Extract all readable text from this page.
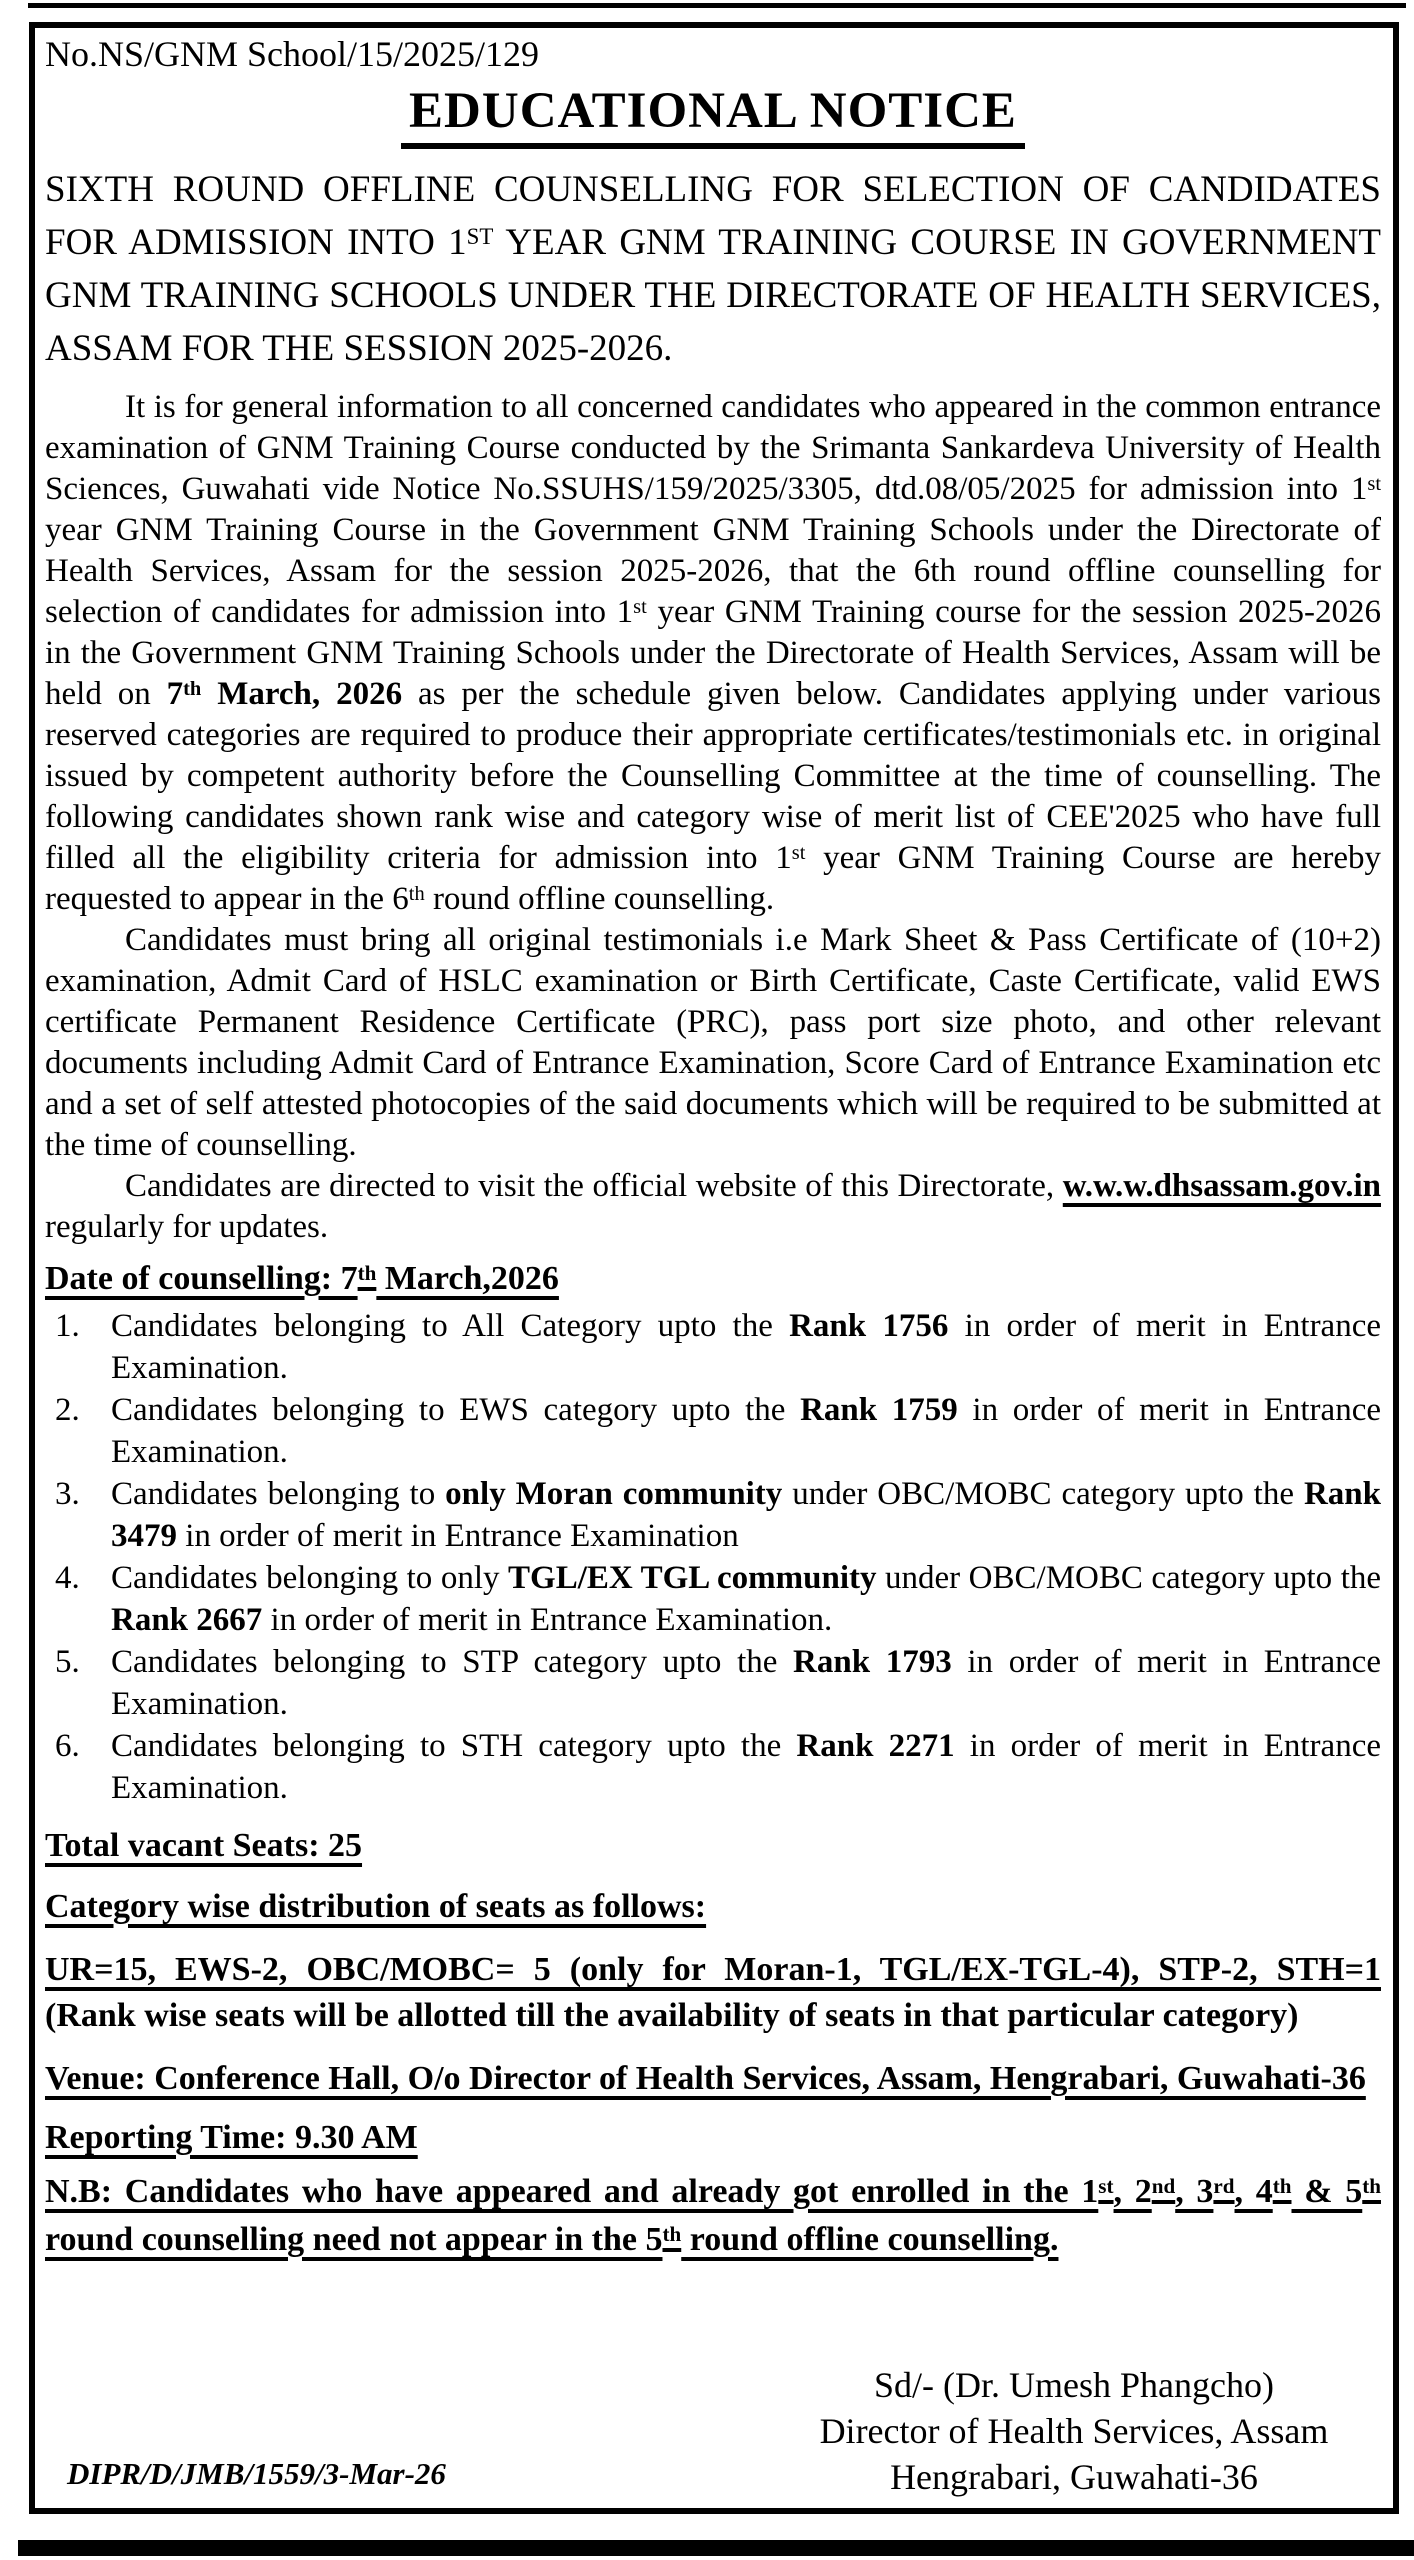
No.NS/GNM School/15/2025/129
EDUCATIONAL NOTICE
SIXTH ROUND OFFLINE COUNSELLING FOR SELECTION OF CANDIDATES FOR ADMISSION INTO 1ST YEAR GNM TRAINING COURSE IN GOVERNMENT GNM TRAINING SCHOOLS UNDER THE DIRECTORATE OF HEALTH SERVICES, ASSAM FOR THE SESSION 2025-2026.

It is for general information to all concerned candidates who appeared in the common entrance examination of GNM Training Course conducted by the Srimanta Sankardeva University of Health Sciences, Guwahati vide Notice No.SSUHS/159/2025/3305, dtd.08/05/2025 for admission into 1st year GNM Training Course in the Government GNM Training Schools under the Directorate of Health Services, Assam for the session 2025-2026, that the 6th round offline counselling for selection of candidates for admission into 1st year GNM Training course for the session 2025-2026 in the Government GNM Training Schools under the Directorate of Health Services, Assam will be held on 7th March, 2026 as per the schedule given below. Candidates applying under various reserved categories are required to produce their appropriate certificates/testimonials etc. in original issued by competent authority before the Counselling Committee at the time of counselling. The following candidates shown rank wise and category wise of merit list of CEE'2025 who have full filled all the eligibility criteria for admission into 1st year GNM Training Course are hereby requested to appear in the 6th round offline counselling.

Candidates must bring all original testimonials i.e Mark Sheet & Pass Certificate of (10+2) examination, Admit Card of HSLC examination or Birth Certificate, Caste Certificate, valid EWS certificate Permanent Residence Certificate (PRC), pass port size photo, and other relevant documents including Admit Card of Entrance Examination, Score Card of Entrance Examination etc and a set of self attested photocopies of the said documents which will be required to be submitted at the time of counselling.

Candidates are directed to visit the official website of this Directorate, w.w.w.dhsassam.gov.in regularly for updates.

Date of counselling: 7th March,2026
1. Candidates belonging to All Category upto the Rank 1756 in order of merit in Entrance Examination.
2. Candidates belonging to EWS category upto the Rank 1759 in order of merit in Entrance Examination.
3. Candidates belonging to only Moran community under OBC/MOBC category upto the Rank 3479 in order of merit in Entrance Examination
4. Candidates belonging to only TGL/EX TGL community under OBC/MOBC category upto the Rank 2667 in order of merit in Entrance Examination.
5. Candidates belonging to STP category upto the Rank 1793 in order of merit in Entrance Examination.
6. Candidates belonging to STH category upto the Rank 2271 in order of merit in Entrance Examination.
Total vacant Seats: 25
Category wise distribution of seats as follows:
UR=15, EWS-2, OBC/MOBC= 5 (only for Moran-1, TGL/EX-TGL-4), STP-2, STH=1 (Rank wise seats will be allotted till the availability of seats in that particular category)
Venue: Conference Hall, O/o Director of Health Services, Assam, Hengrabari, Guwahati-36
Reporting Time: 9.30 AM
N.B: Candidates who have appeared and already got enrolled in the 1st, 2nd, 3rd, 4th & 5th round counselling need not appear in the 5th round offline counselling.
Sd/- (Dr. Umesh Phangcho)
Director of Health Services, Assam
Hengrabari, Guwahati-36
DIPR/D/JMB/1559/3-Mar-26
